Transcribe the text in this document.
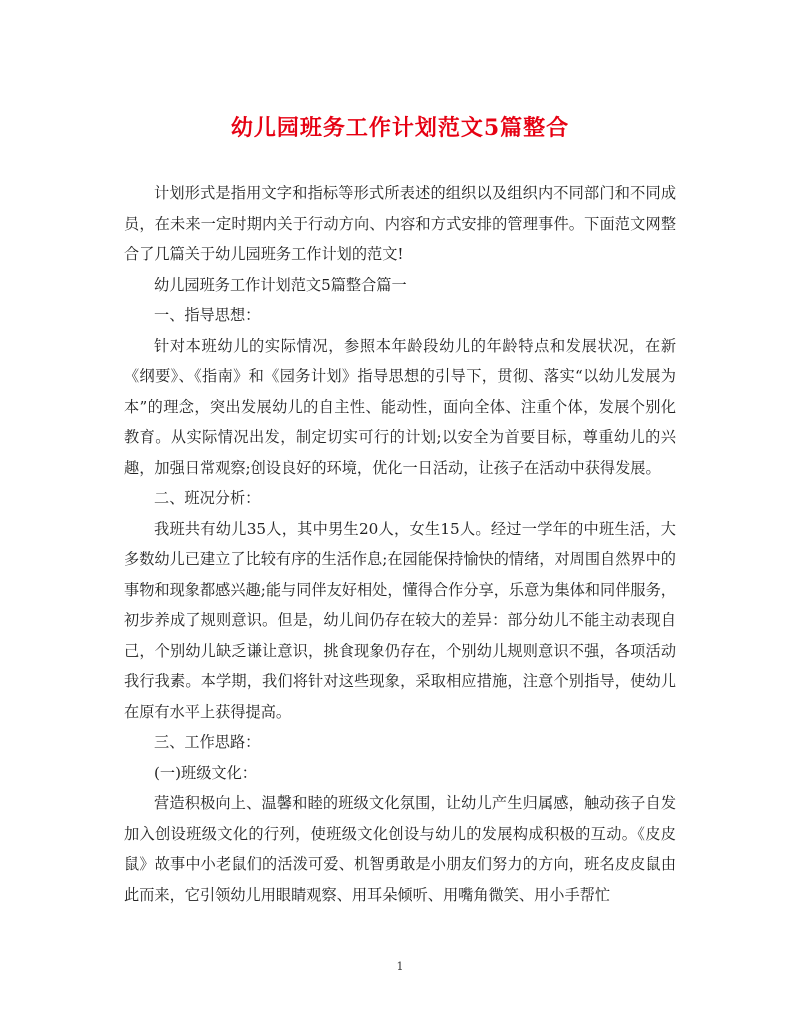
幼儿园班务工作计划范文5篇整合

计划形式是指用文字和指标等形式所表述的组织以及组织内不同部门和不同成员，在未来一定时期内关于行动方向、内容和方式安排的管理事件。下面范文网整合了几篇关于幼儿园班务工作计划的范文!

幼儿园班务工作计划范文5篇整合篇一

一、指导思想：

针对本班幼儿的实际情况，参照本年龄段幼儿的年龄特点和发展状况，在新《纲要》、《指南》和《园务计划》指导思想的引导下，贯彻、落实“以幼儿发展为本”的理念，突出发展幼儿的自主性、能动性，面向全体、注重个体，发展个别化教育。从实际情况出发，制定切实可行的计划;以安全为首要目标，尊重幼儿的兴趣，加强日常观察;创设良好的环境，优化一日活动，让孩子在活动中获得发展。

二、班况分析：

我班共有幼儿35人，其中男生20人，女生15人。经过一学年的中班生活，大多数幼儿已建立了比较有序的生活作息;在园能保持愉快的情绪，对周围自然界中的事物和现象都感兴趣;能与同伴友好相处，懂得合作分享，乐意为集体和同伴服务，初步养成了规则意识。但是，幼儿间仍存在较大的差异：部分幼儿不能主动表现自己，个别幼儿缺乏谦让意识，挑食现象仍存在，个别幼儿规则意识不强，各项活动我行我素。本学期，我们将针对这些现象，采取相应措施，注意个别指导，使幼儿在原有水平上获得提高。

三、工作思路：

(一)班级文化：

营造积极向上、温馨和睦的班级文化氛围，让幼儿产生归属感，触动孩子自发加入创设班级文化的行列，使班级文化创设与幼儿的发展构成积极的互动。《皮皮鼠》故事中小老鼠们的活泼可爱、机智勇敢是小朋友们努力的方向，班名皮皮鼠由此而来，它引领幼儿用眼睛观察、用耳朵倾听、用嘴角微笑、用小手帮忙

1
